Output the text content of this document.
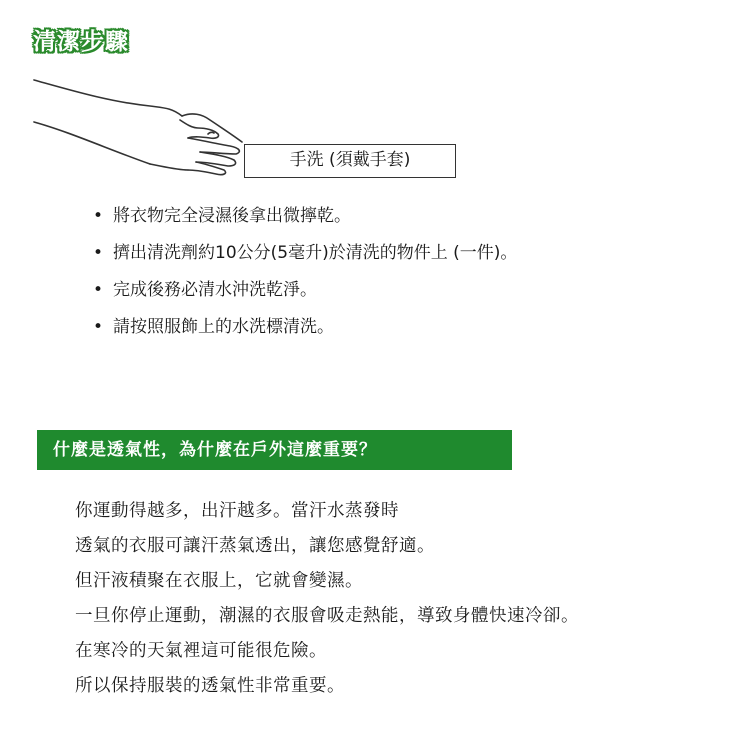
清潔步驟
手洗 (須戴手套)
• 將衣物完全浸濕後拿出微擰乾。
• 擠出清洗劑約10公分(5毫升)於清洗的物件上 (一件)。
• 完成後務必清水沖洗乾淨。
• 請按照服飾上的水洗標清洗。
什麼是透氣性，為什麼在戶外這麼重要？
你運動得越多，出汗越多。當汗水蒸發時
透氣的衣服可讓汗蒸氣透出，讓您感覺舒適。
但汗液積聚在衣服上，它就會變濕。
一旦你停止運動，潮濕的衣服會吸走熱能，導致身體快速冷卻。
在寒冷的天氣裡這可能很危險。
所以保持服裝的透氣性非常重要。
